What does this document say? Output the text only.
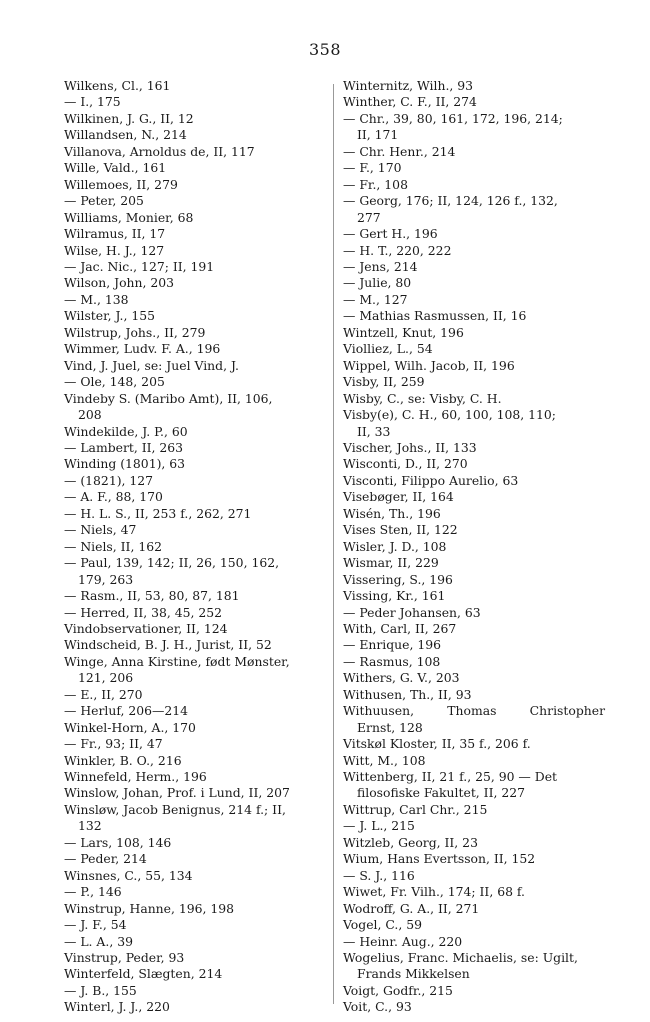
358
Wilkens, Cl., 161
— I., 175
Wilkinen, J. G., II, 12
Willandsen, N., 214
Villanova, Arnoldus de, II, 117
Wille, Vald., 161
Willemoes, II, 279
— Peter, 205
Williams, Monier, 68
Wilramus, II, 17
Wilse, H. J., 127
— Jac. Nic., 127; II, 191
Wilson, John, 203
— M., 138
Wilster, J., 155
Wilstrup, Johs., II, 279
Wimmer, Ludv. F. A., 196
Vind, J. Juel, se: Juel Vind, J.
— Ole, 148, 205
Vindeby S. (Maribo Amt), II, 106,
208
Windekilde, J. P., 60
— Lambert, II, 263
Winding (1801), 63
— (1821), 127
— A. F., 88, 170
— H. L. S., II, 253 f., 262, 271
— Niels, 47
— Niels, II, 162
— Paul, 139, 142; II, 26, 150, 162,
179, 263
— Rasm., II, 53, 80, 87, 181
— Herred, II, 38, 45, 252
Vindobservationer, II, 124
Windscheid, B. J. H., Jurist, II, 52
Winge, Anna Kirstine, født Mønster,
121, 206
— E., II, 270
— Herluf, 206—214
Winkel-Horn, A., 170
— Fr., 93; II, 47
Winkler, B. O., 216
Winnefeld, Herm., 196
Winslow, Johan, Prof. i Lund, II, 207
Winsløw, Jacob Benignus, 214 f.; II,
132
— Lars, 108, 146
— Peder, 214
Winsnes, C., 55, 134
— P., 146
Winstrup, Hanne, 196, 198
— J. F., 54
— L. A., 39
Vinstrup, Peder, 93
Winterfeld, Slægten, 214
— J. B., 155
Winterl, J. J., 220
Winternitz, Wilh., 93
Winther, C. F., II, 274
— Chr., 39, 80, 161, 172, 196, 214;
II, 171
— Chr. Henr., 214
— F., 170
— Fr., 108
— Georg, 176; II, 124, 126 f., 132,
277
— Gert H., 196
— H. T., 220, 222
— Jens, 214
— Julie, 80
— M., 127
— Mathias Rasmussen, II, 16
Wintzell, Knut, 196
Violliez, L., 54
Wippel, Wilh. Jacob, II, 196
Visby, II, 259
Wisby, C., se: Visby, C. H.
Visby(e), C. H., 60, 100, 108, 110;
II, 33
Vischer, Johs., II, 133
Wisconti, D., II, 270
Visconti, Filippo Aurelio, 63
Visebøger, II, 164
Wisén, Th., 196
Vises Sten, II, 122
Wisler, J. D., 108
Wismar, II, 229
Vissering, S., 196
Vissing, Kr., 161
— Peder Johansen, 63
With, Carl, II, 267
— Enrique, 196
— Rasmus, 108
Withers, G. V., 203
Withusen, Th., II, 93
Withuusen, Thomas Christopher
Ernst, 128
Vitskøl Kloster, II, 35 f., 206 f.
Witt, M., 108
Wittenberg, II, 21 f., 25, 90 — Det
filosofiske Fakultet, II, 227
Wittrup, Carl Chr., 215
— J. L., 215
Witzleb, Georg, II, 23
Wium, Hans Evertsson, II, 152
— S. J., 116
Wiwet, Fr. Vilh., 174; II, 68 f.
Wodroff, G. A., II, 271
Vogel, C., 59
— Heinr. Aug., 220
Wogelius, Franc. Michaelis, se: Ugilt,
Frands Mikkelsen
Voigt, Godfr., 215
Voit, C., 93
